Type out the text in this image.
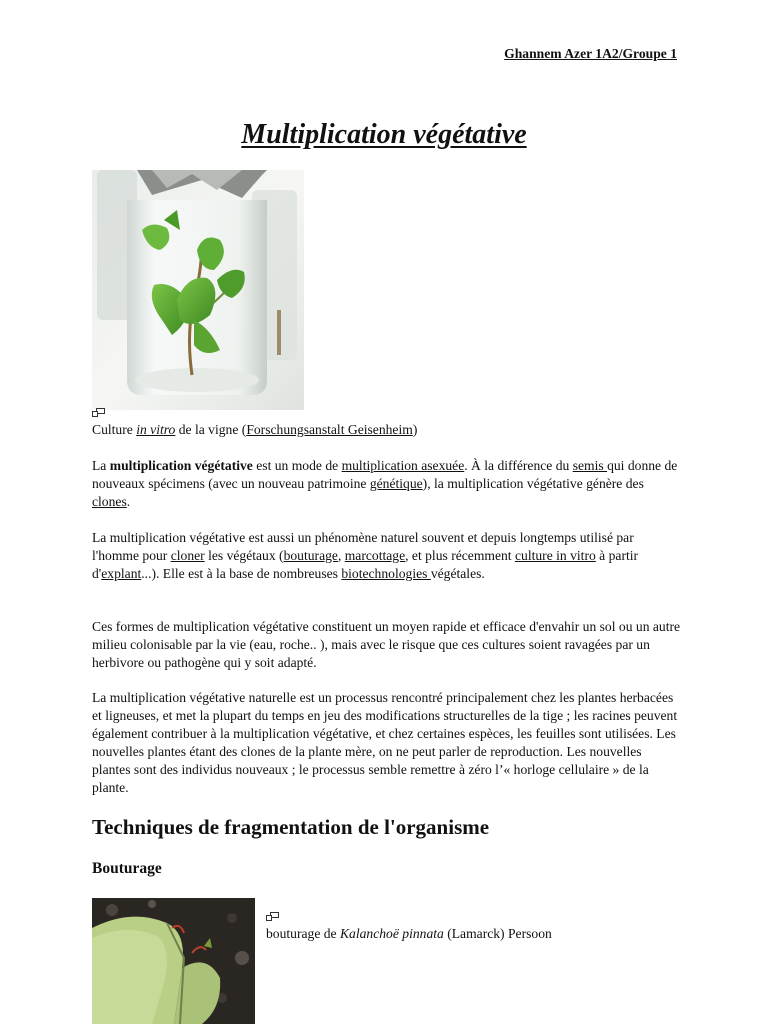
Ghannem Azer 1A2/Groupe 1
Multiplication végétative
Culture in vitro de la vigne (Forschungsanstalt Geisenheim)

La multiplication végétative est un mode de multiplication asexuée. À la différence du semis qui donne de nouveaux spécimens (avec un nouveau patrimoine génétique), la multiplication végétative génère des clones.

La multiplication végétative est aussi un phénomène naturel souvent et depuis longtemps utilisé par l'homme pour cloner les végétaux (bouturage, marcottage, et plus récemment culture in vitro à partir d'explant...). Elle est à la base de nombreuses biotechnologies végétales.

Ces formes de multiplication végétative constituent un moyen rapide et efficace d'envahir un sol ou un autre milieu colonisable par la vie (eau, roche.. ), mais avec le risque que ces cultures soient ravagées par un herbivore ou pathogène qui y soit adapté.

La multiplication végétative naturelle est un processus rencontré principalement chez les plantes herbacées et ligneuses, et met la plupart du temps en jeu des modifications structurelles de la tige ; les racines peuvent également contribuer à la multiplication végétative, et chez certaines espèces, les feuilles sont utilisées. Les nouvelles plantes étant des clones de la plante mère, on ne peut parler de reproduction. Les nouvelles plantes sont des individus nouveaux ; le processus semble remettre à zéro l’« horloge cellulaire » de la plante.

Techniques de fragmentation de l'organisme
Bouturage
bouturage de Kalanchoë pinnata (Lamarck) Persoon
